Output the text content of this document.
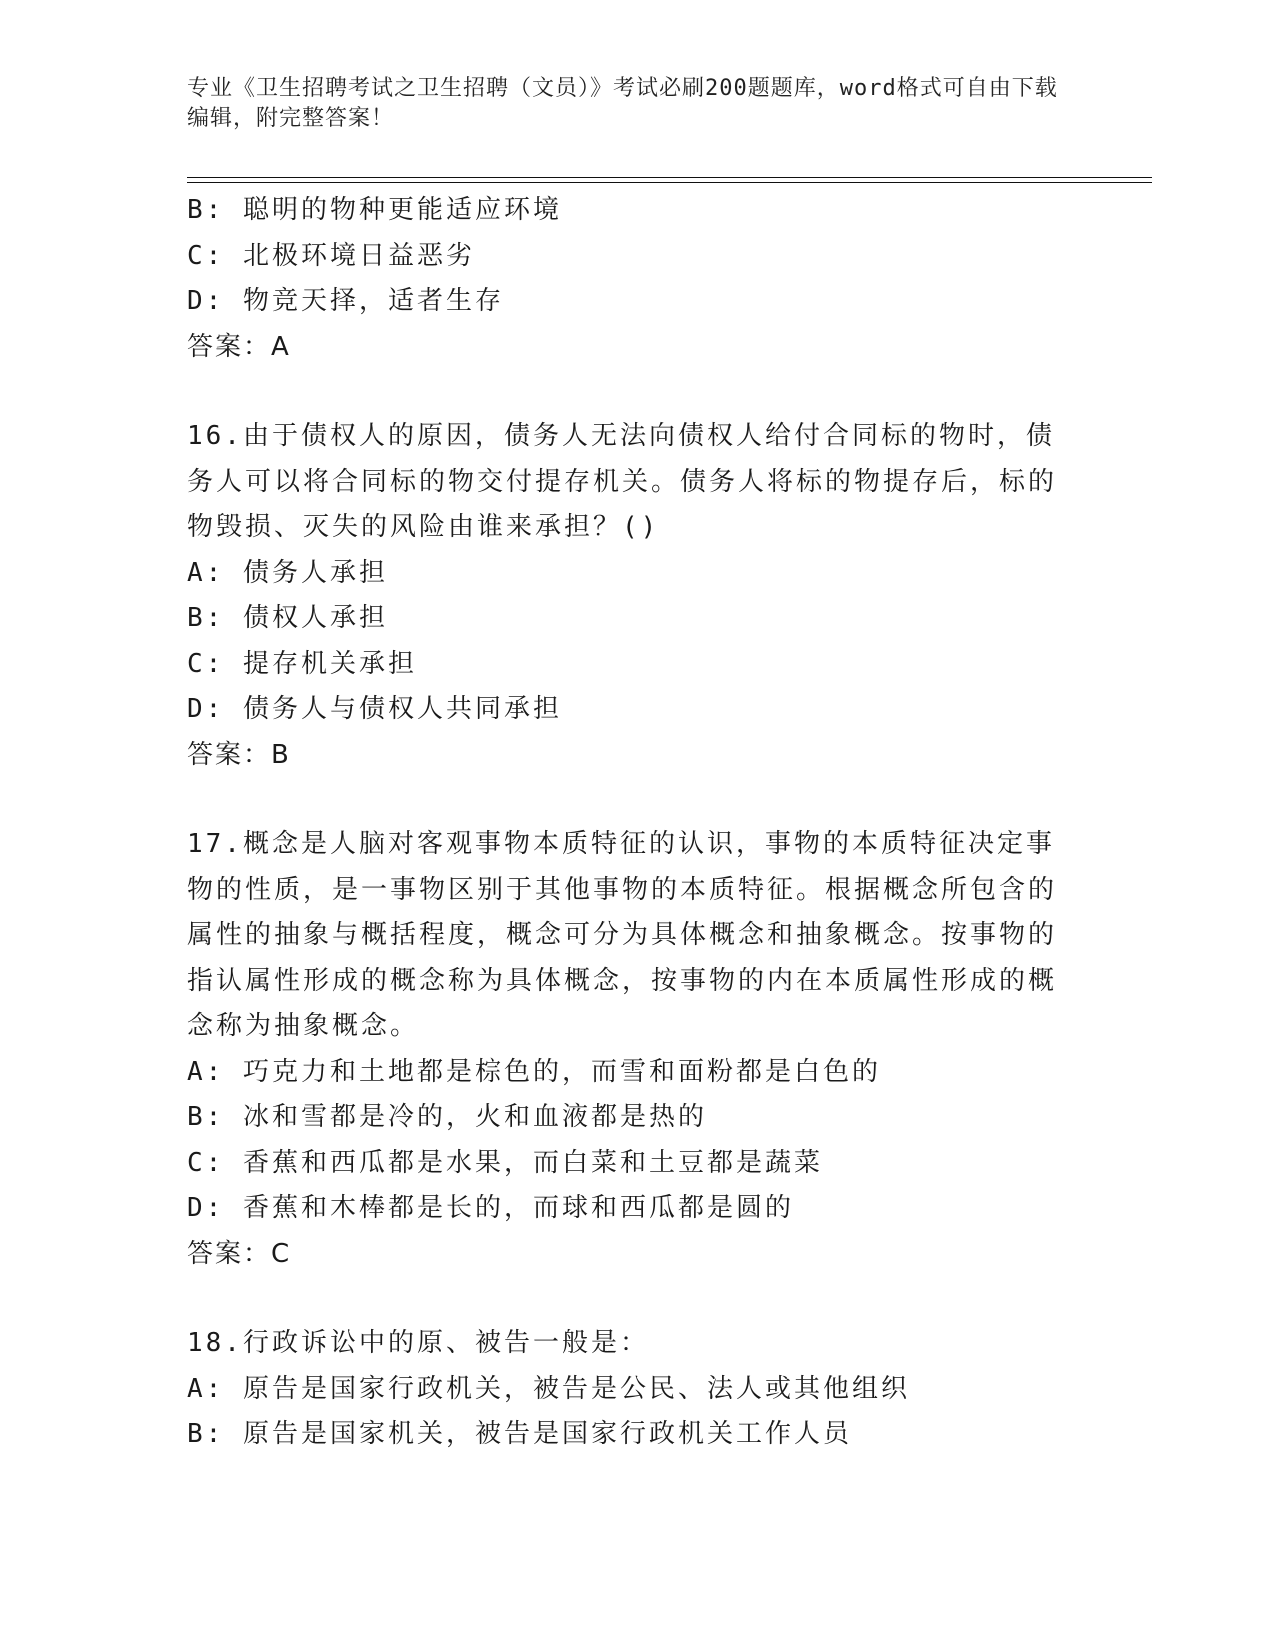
专业《卫生招聘考试之卫生招聘（文员）》考试必刷200题题库，word格式可自由下载编辑，附完整答案！
B: 聪明的物种更能适应环境
C: 北极环境日益恶劣
D: 物竞天择，适者生存
答案：A
16.由于债权人的原因，债务人无法向债权人给付合同标的物时，债务人可以将合同标的物交付提存机关。债务人将标的物提存后，标的物毁损、灭失的风险由谁来承担？()
A: 债务人承担
B: 债权人承担
C: 提存机关承担
D: 债务人与债权人共同承担
答案：B
17.概念是人脑对客观事物本质特征的认识，事物的本质特征决定事物的性质，是一事物区别于其他事物的本质特征。根据概念所包含的属性的抽象与概括程度，概念可分为具体概念和抽象概念。按事物的指认属性形成的概念称为具体概念，按事物的内在本质属性形成的概念称为抽象概念。
A: 巧克力和土地都是棕色的，而雪和面粉都是白色的
B: 冰和雪都是冷的，火和血液都是热的
C: 香蕉和西瓜都是水果，而白菜和土豆都是蔬菜
D: 香蕉和木棒都是长的，而球和西瓜都是圆的
答案：C
18.行政诉讼中的原、被告一般是：
A: 原告是国家行政机关，被告是公民、法人或其他组织
B: 原告是国家机关，被告是国家行政机关工作人员
